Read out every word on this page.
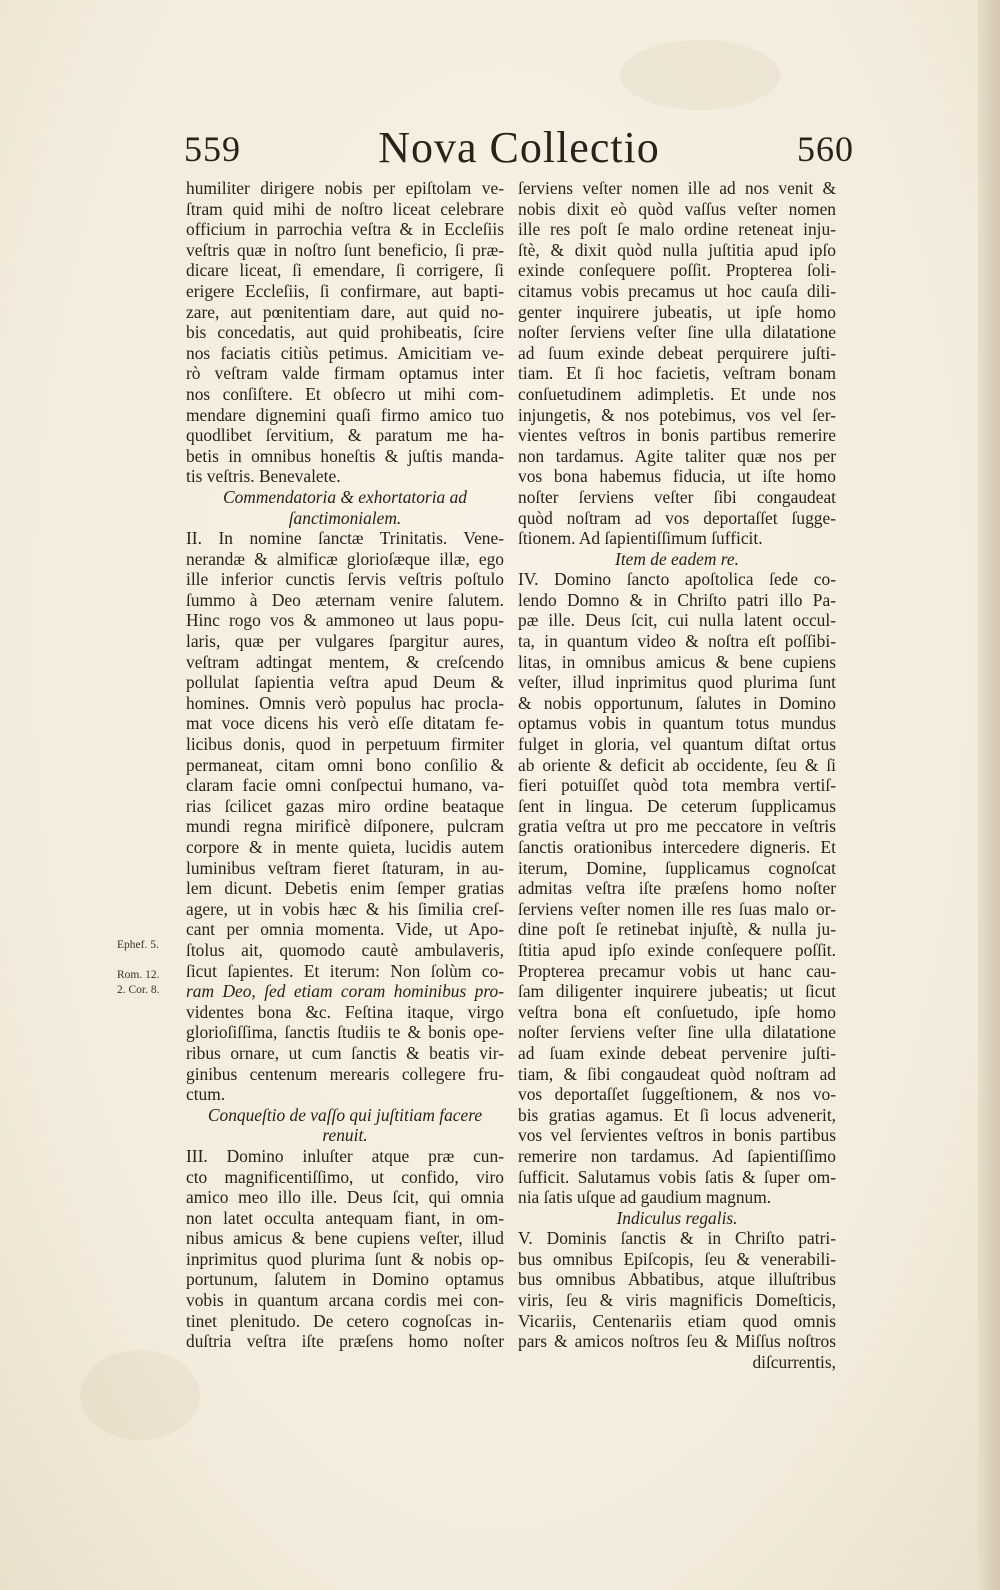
559	Nova Collectio	560
humiliter dirigere nobis per epiſtolam ve-
ſtram quid mihi de noſtro liceat celebrare
officium in parrochia veſtra & in Eccleſiis
veſtris quæ in noſtro ſunt beneficio, ſi præ-
dicare liceat, ſi emendare, ſi corrigere, ſi
erigere Eccleſiis, ſi confirmare, aut bapti-
zare, aut pœnitentiam dare, aut quid no-
bis concedatis, aut quid prohibeatis, ſcire
nos faciatis citiùs petimus. Amicitiam ve-
rò veſtram valde firmam optamus inter
nos conſiſtere. Et obſecro ut mihi com-
mendare dignemini quaſi firmo amico tuo
quodlibet ſervitium, & paratum me ha-
betis in omnibus honeſtis & juſtis manda-
tis veſtris. Benevalete.
Commendatoria & exhortatoria ad
ſanctimonialem.
II. In nomine ſanctæ Trinitatis. Vene-
nerandæ & almificæ glorioſæque illæ, ego
ille inferior cunctis ſervis veſtris poſtulo
ſummo à Deo æternam venire ſalutem.
Hinc rogo vos & ammoneo ut laus popu-
laris, quæ per vulgares ſpargitur aures,
veſtram adtingat mentem, & creſcendo
pollulat ſapientia veſtra apud Deum &
homines. Omnis verò populus hac procla-
mat voce dicens his verò eſſe ditatam fe-
licibus donis, quod in perpetuum firmiter
permaneat, citam omni bono conſilio &
claram facie omni conſpectui humano, va-
rias ſcilicet gazas miro ordine beataque
mundi regna mirificè diſponere, pulcram
corpore & in mente quieta, lucidis autem
luminibus veſtram fieret ſtaturam, in au-
lem dicunt. Debetis enim ſemper gratias
agere, ut in vobis hæc & his ſimilia creſ-
cant per omnia momenta. Vide, ut Apo-
ſtolus ait, quomodo cautè ambulaveris,
ſicut ſapientes. Et iterum: Non ſolùm co-
ram Deo, ſed etiam coram hominibus pro-
videntes bona &c. Feſtina itaque, virgo
glorioſiſſima, ſanctis ſtudiis te & bonis ope-
ribus ornare, ut cum ſanctis & beatis vir-
ginibus centenum merearis collegere fru-
ctum.
Conqueſtio de vaſſo qui juſtitiam facere
renuit.
III. Domino inluſter atque præ cun-
cto magnificentiſſimo, ut confido, viro
amico meo illo ille. Deus ſcit, qui omnia
non latet occulta antequam fiant, in om-
nibus amicus & bene cupiens veſter, illud
inprimitus quod plurima ſunt & nobis op-
portunum, ſalutem in Domino optamus
vobis in quantum arcana cordis mei con-
tinet plenitudo. De cetero cognoſcas in-
duſtria veſtra iſte præſens homo noſter
ſerviens veſter nomen ille ad nos venit &
nobis dixit eò quòd vaſſus veſter nomen
ille res poſt ſe malo ordine reteneat inju-
ſtè, & dixit quòd nulla juſtitia apud ipſo
exinde conſequere poſſit. Propterea ſoli-
citamus vobis precamus ut hoc cauſa dili-
genter inquirere jubeatis, ut ipſe homo
noſter ſerviens veſter ſine ulla dilatatione
ad ſuum exinde debeat perquirere juſti-
tiam. Et ſi hoc facietis, veſtram bonam
conſuetudinem adimpletis. Et unde nos
injungetis, & nos potebimus, vos vel ſer-
vientes veſtros in bonis partibus remerire
non tardamus. Agite taliter quæ nos per
vos bona habemus fiducia, ut iſte homo
noſter ſerviens veſter ſibi congaudeat
quòd noſtram ad vos deportaſſet ſugge-
ſtionem. Ad ſapientiſſimum ſufficit.
Item de eadem re.
IV. Domino ſancto apoſtolica ſede co-
lendo Domno & in Chriſto patri illo Pa-
pæ ille. Deus ſcit, cui nulla latent occul-
ta, in quantum video & noſtra eſt poſſibi-
litas, in omnibus amicus & bene cupiens
veſter, illud inprimitus quod plurima ſunt
& nobis opportunum, ſalutes in Domino
optamus vobis in quantum totus mundus
fulget in gloria, vel quantum diſtat ortus
ab oriente & deficit ab occidente, ſeu & ſi
fieri potuiſſet quòd tota membra vertiſ-
ſent in lingua. De ceterum ſupplicamus
gratia veſtra ut pro me peccatore in veſtris
ſanctis orationibus intercedere digneris. Et
iterum, Domine, ſupplicamus cognoſcat
admitas veſtra iſte præſens homo noſter
ſerviens veſter nomen ille res ſuas malo or-
dine poſt ſe retinebat injuſtè, & nulla ju-
ſtitia apud ipſo exinde conſequere poſſit.
Propterea precamur vobis ut hanc cau-
ſam diligenter inquirere jubeatis; ut ſicut
veſtra bona eſt conſuetudo, ipſe homo
noſter ſerviens veſter ſine ulla dilatatione
ad ſuam exinde debeat pervenire juſti-
tiam, & ſibi congaudeat quòd noſtram ad
vos deportaſſet ſuggeſtionem, & nos vo-
bis gratias agamus. Et ſi locus advenerit,
vos vel ſervientes veſtros in bonis partibus
remerire non tardamus. Ad ſapientiſſimo
ſufficit. Salutamus vobis ſatis & ſuper om-
nia ſatis uſque ad gaudium magnum.
Indiculus regalis.
V. Dominis ſanctis & in Chriſto patri-
bus omnibus Epiſcopis, ſeu & venerabili-
bus omnibus Abbatibus, atque illuſtribus
viris, ſeu & viris magnificis Domeſticis,
Vicariis, Centenariis etiam quod omnis
pars & amicos noſtros ſeu & Miſſus noſtros
diſcurrentis,
Ephef. 5.
Rom. 12.
2. Cor. 8.
